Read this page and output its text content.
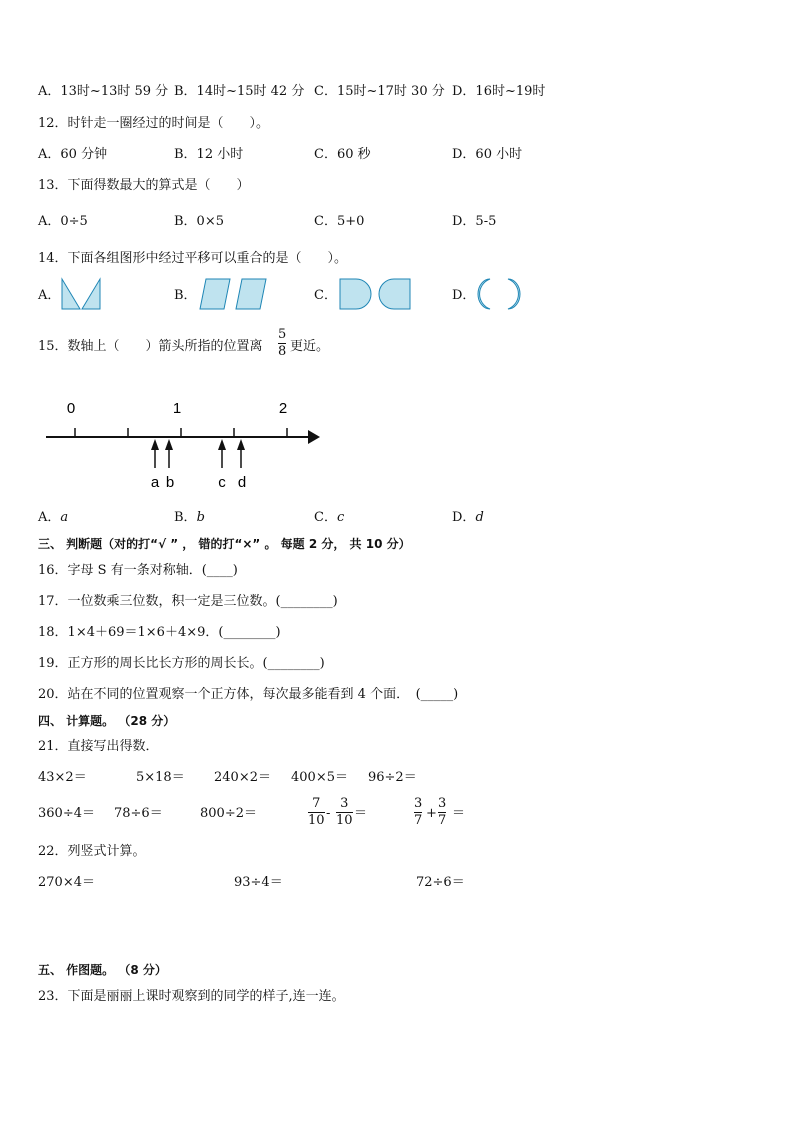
A．13时~13时 59 分 B．14时~15时 42 分 C．15时~17时 30 分 D．16时~19时
12．时针走一圈经过的时间是（　　）。
A．60 分钟	B．12 小时	C．60 秒	D．60 小时
13．下面得数最大的算式是（　　）
A．0÷5	B．0×5	C．5+0	D．5-5
14．下面各组图形中经过平移可以重合的是（　　）。
A．	B．	C．	D．
15．数轴上（　　）箭头所指的位置离
5
8 更近。
0	1	2
a b	c d
A．a	B．b	C．c	D．d
三、 判断题（对的打“√ ” ， 错的打“×” 。 每题 2 分， 共 10 分）
16．字母 S 有一条对称轴．(____)
17．一位数乘三位数，积一定是三位数。(________)
18．1×4＋69＝1×6＋4×9．(________)
19．正方形的周长比长方形的周长长。(________)
20．站在不同的位置观察一个正方体，每次最多能看到 4 个面．　(_____)
四、 计算题。 （28 分）
21．直接写出得数．
43×2＝	5×18＝ 240×2＝ 400×5＝ 96÷2＝
360÷4＝ 78÷6＝	800÷2＝
7
10 -
3
10 ＝
3
7 +
3
7 ＝
22．列竖式计算。
270×4＝	93÷4＝	72÷6＝
五、 作图题。 （8 分）
23．下面是丽丽上课时观察到的同学的样子,连一连。
